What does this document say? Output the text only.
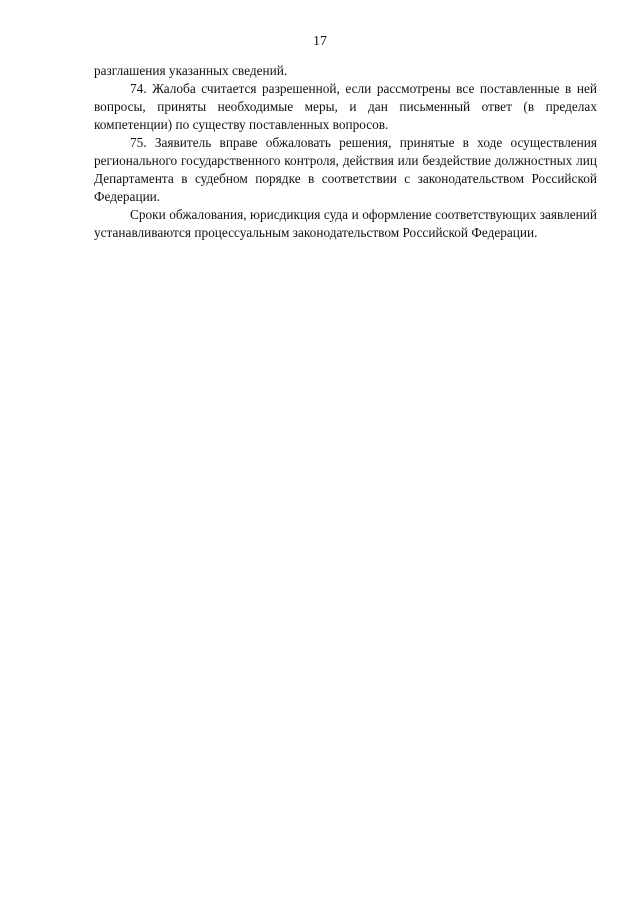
17

разглашения указанных сведений.

74. Жалоба считается разрешенной, если рассмотрены все поставленные в ней вопросы, приняты необходимые меры, и дан письменный ответ (в пределах компетенции) по существу поставленных вопросов.

75. Заявитель вправе обжаловать решения, принятые в ходе осуществления регионального государственного контроля, действия или бездействие должностных лиц Департамента в судебном порядке в соответствии с законодательством Российской Федерации.

Сроки обжалования, юрисдикция суда и оформление соответствующих заявлений устанавливаются процессуальным законодательством Российской Федерации.
